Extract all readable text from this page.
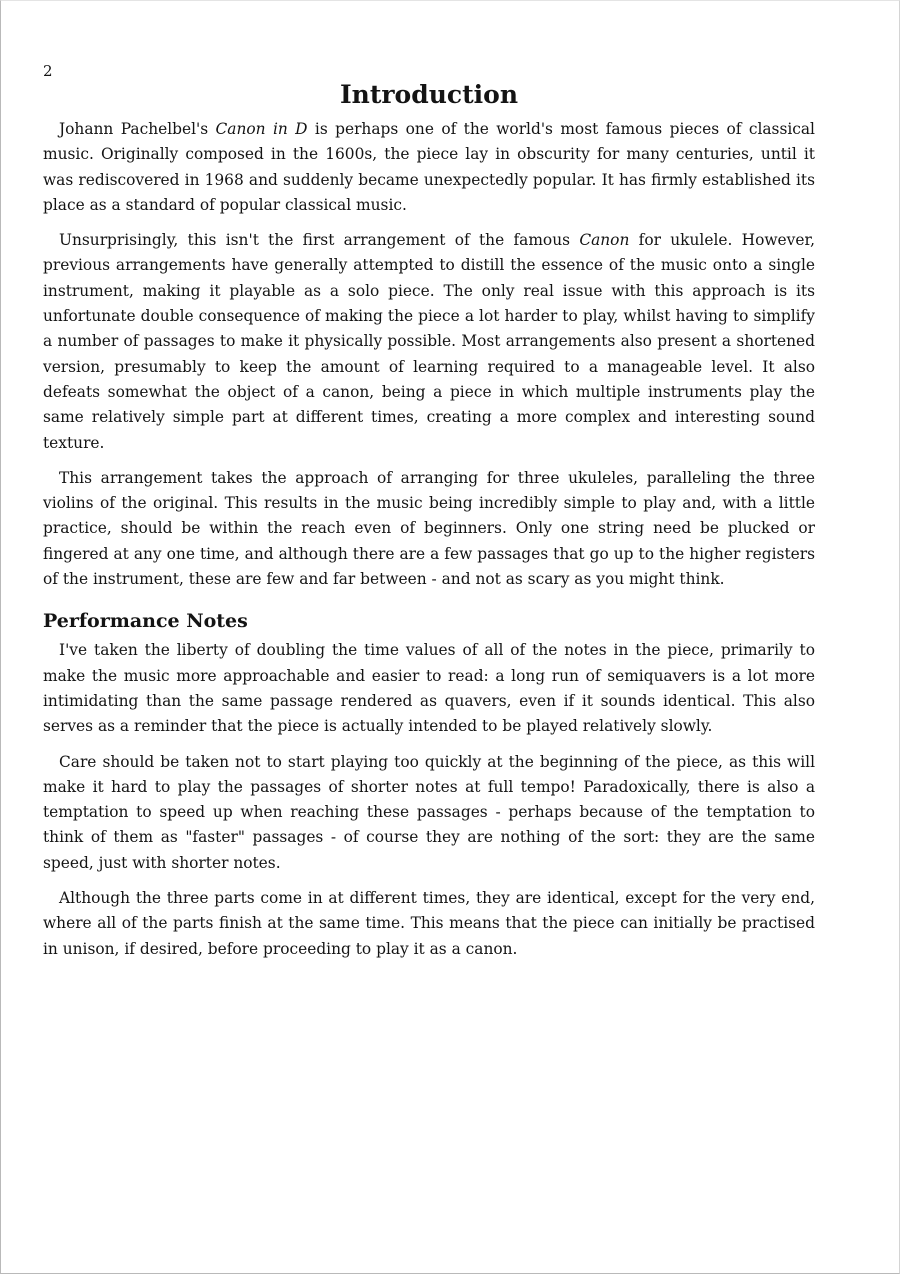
2
Introduction

Johann Pachelbel's Canon in D is perhaps one of the world's most famous pieces of classical music. Originally composed in the 1600s, the piece lay in obscurity for many centuries, until it was rediscovered in 1968 and suddenly became unexpectedly popular. It has firmly established its place as a standard of popular classical music.

Unsurprisingly, this isn't the first arrangement of the famous Canon for ukulele. However, previous arrangements have generally attempted to distill the essence of the music onto a single instrument, making it playable as a solo piece. The only real issue with this approach is its unfortunate double consequence of making the piece a lot harder to play, whilst having to simplify a number of passages to make it physically possible. Most arrangements also present a shortened version, presumably to keep the amount of learning required to a manageable level. It also defeats somewhat the object of a canon, being a piece in which multiple instruments play the same relatively simple part at different times, creating a more complex and interesting sound texture.

This arrangement takes the approach of arranging for three ukuleles, paralleling the three violins of the original. This results in the music being incredibly simple to play and, with a little practice, should be within the reach even of beginners. Only one string need be plucked or fingered at any one time, and although there are a few passages that go up to the higher registers of the instrument, these are few and far between - and not as scary as you might think.

Performance Notes

I've taken the liberty of doubling the time values of all of the notes in the piece, primarily to make the music more approachable and easier to read: a long run of semiquavers is a lot more intimidating than the same passage rendered as quavers, even if it sounds identical. This also serves as a reminder that the piece is actually intended to be played relatively slowly.

Care should be taken not to start playing too quickly at the beginning of the piece, as this will make it hard to play the passages of shorter notes at full tempo! Paradoxically, there is also a temptation to speed up when reaching these passages - perhaps because of the temptation to think of them as "faster" passages - of course they are nothing of the sort: they are the same speed, just with shorter notes.

Although the three parts come in at different times, they are identical, except for the very end, where all of the parts finish at the same time. This means that the piece can initially be practised in unison, if desired, before proceeding to play it as a canon.
